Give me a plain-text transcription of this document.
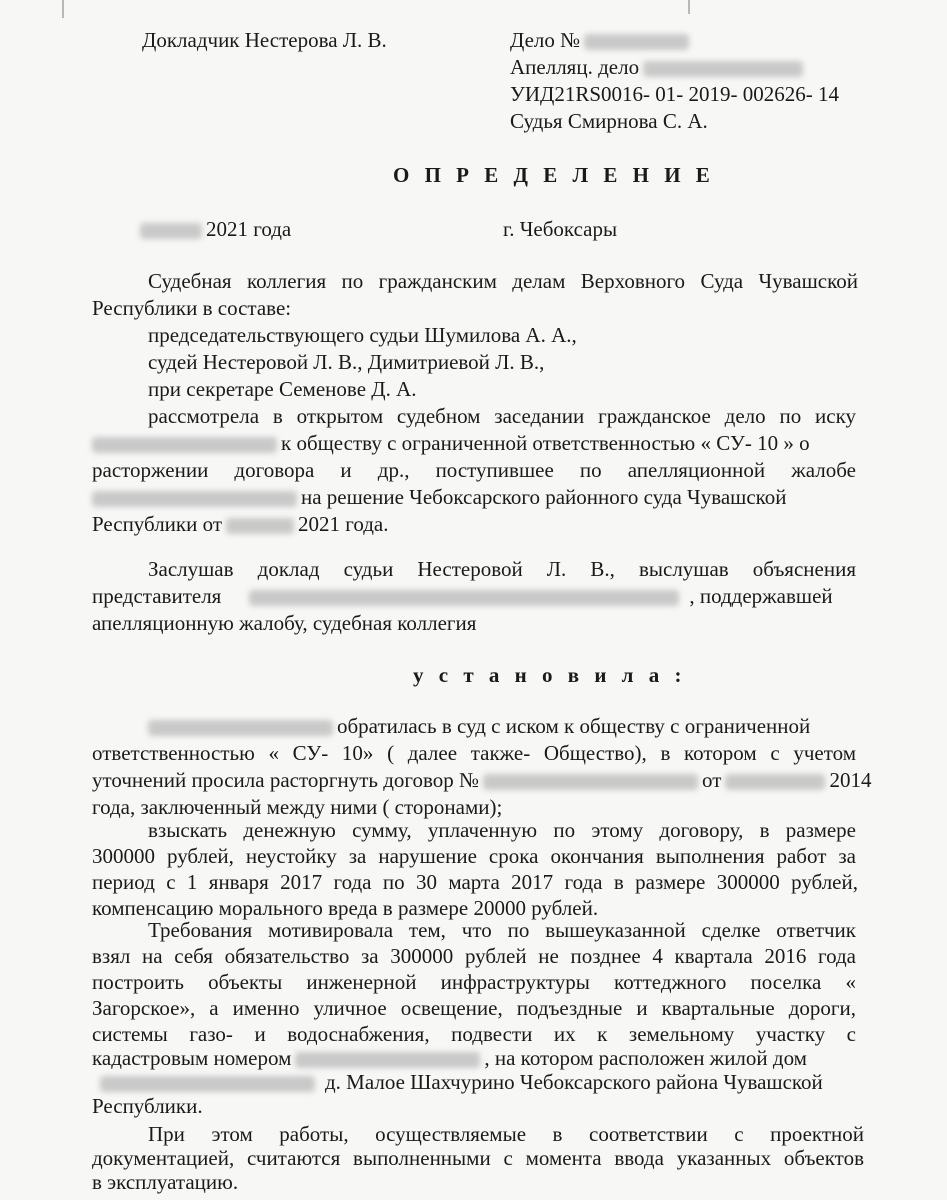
Докладчик Нестерова Л. В.	Дело №
Апелляц. дело
УИД21RS0016- 01- 2019- 002626- 14
Судья Смирнова С. А.
О П Р Е Д Е Л Е Н И Е
2021 года	г. Чебоксары
Судебная коллегия по гражданским делам Верховного Суда Чувашской
Республики в составе:
председательствующего судьи Шумилова А. А.,
судей Нестеровой Л. В., Димитриевой Л. В.,
при секретаре Семенове Д. А.
рассмотрела в открытом судебном заседании гражданское дело по иску
к обществу с ограниченной ответственностью « СУ- 10 » о
расторжении договора и др., поступившее по апелляционной жалобе
на решение Чебоксарского районного суда Чувашской
Республики от	2021 года.
Заслушав доклад судьи Нестеровой Л. В., выслушав объяснения
представителя	, поддержавшей
апелляционную жалобу, судебная коллегия
у с т а н о в и л а :
обратилась в суд с иском к обществу с ограниченной
ответственностью « СУ- 10» ( далее также- Общество), в котором с учетом
уточнений просила расторгнуть договор №	от	2014
года, заключенный между ними ( сторонами);
взыскать денежную сумму, уплаченную по этому договору, в размере
300000 рублей, неустойку за нарушение срока окончания выполнения работ за
период с 1 января 2017 года по 30 марта 2017 года в размере 300000 рублей,
компенсацию морального вреда в размере 20000 рублей.
Требования мотивировала тем, что по вышеуказанной сделке ответчик
взял на себя обязательство за 300000 рублей не позднее 4 квартала 2016 года
построить объекты инженерной инфраструктуры коттеджного поселка «
Загорское», а именно уличное освещение, подъездные и квартальные дороги,
системы газо- и водоснабжения, подвести их к земельному участку с
кадастровым номером	, на котором расположен жилой дом
д. Малое Шахчурино Чебоксарского района Чувашской
Республики.
При этом работы, осуществляемые в соответствии с проектной
документацией, считаются выполненными с момента ввода указанных объектов
в эксплуатацию.
